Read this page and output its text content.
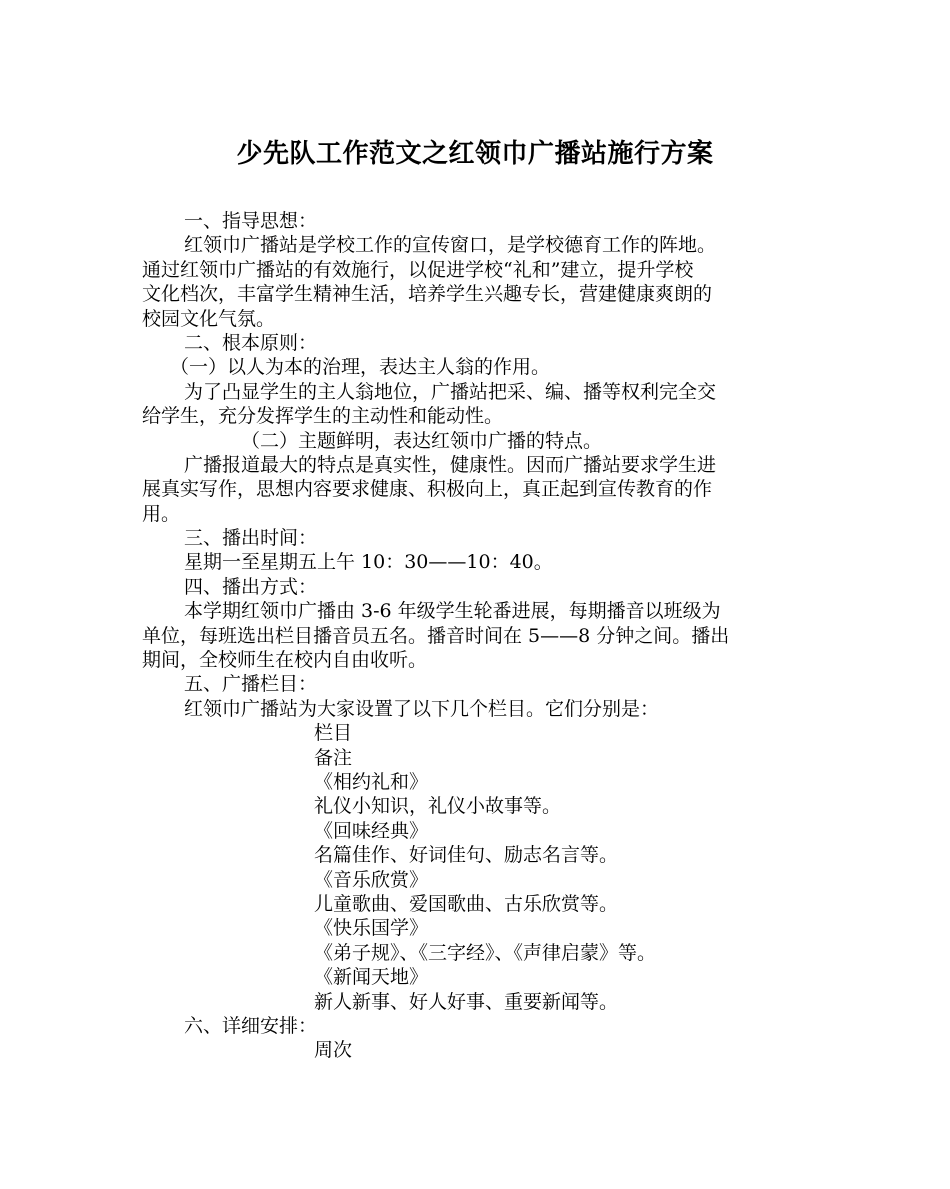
少先队工作范文之红领巾广播站施行方案
一、指导思想：
红领巾广播站是学校工作的宣传窗口，是学校德育工作的阵地。
通过红领巾广播站的有效施行，以促进学校“礼和”建立，提升学校
文化档次，丰富学生精神生活，培养学生兴趣专长，营建健康爽朗的
校园文化气氛。
二、根本原则：
（一）以人为本的治理，表达主人翁的作用。
为了凸显学生的主人翁地位，广播站把采、编、播等权利完全交
给学生，充分发挥学生的主动性和能动性。
（二）主题鲜明，表达红领巾广播的特点。
广播报道最大的特点是真实性，健康性。因而广播站要求学生进
展真实写作，思想内容要求健康、积极向上，真正起到宣传教育的作
用。
三、播出时间：
星期一至星期五上午 10：30——10：40。
四、播出方式：
本学期红领巾广播由 3-6 年级学生轮番进展，每期播音以班级为
单位，每班选出栏目播音员五名。播音时间在 5——8 分钟之间。播出
期间，全校师生在校内自由收听。
五、广播栏目：
红领巾广播站为大家设置了以下几个栏目。它们分别是：
栏目
备注
《相约礼和》
礼仪小知识，礼仪小故事等。
《回味经典》
名篇佳作、好词佳句、励志名言等。
《音乐欣赏》
儿童歌曲、爱国歌曲、古乐欣赏等。
《快乐国学》
《弟子规》、《三字经》、《声律启蒙》等。
《新闻天地》
新人新事、好人好事、重要新闻等。
六、详细安排：
周次
